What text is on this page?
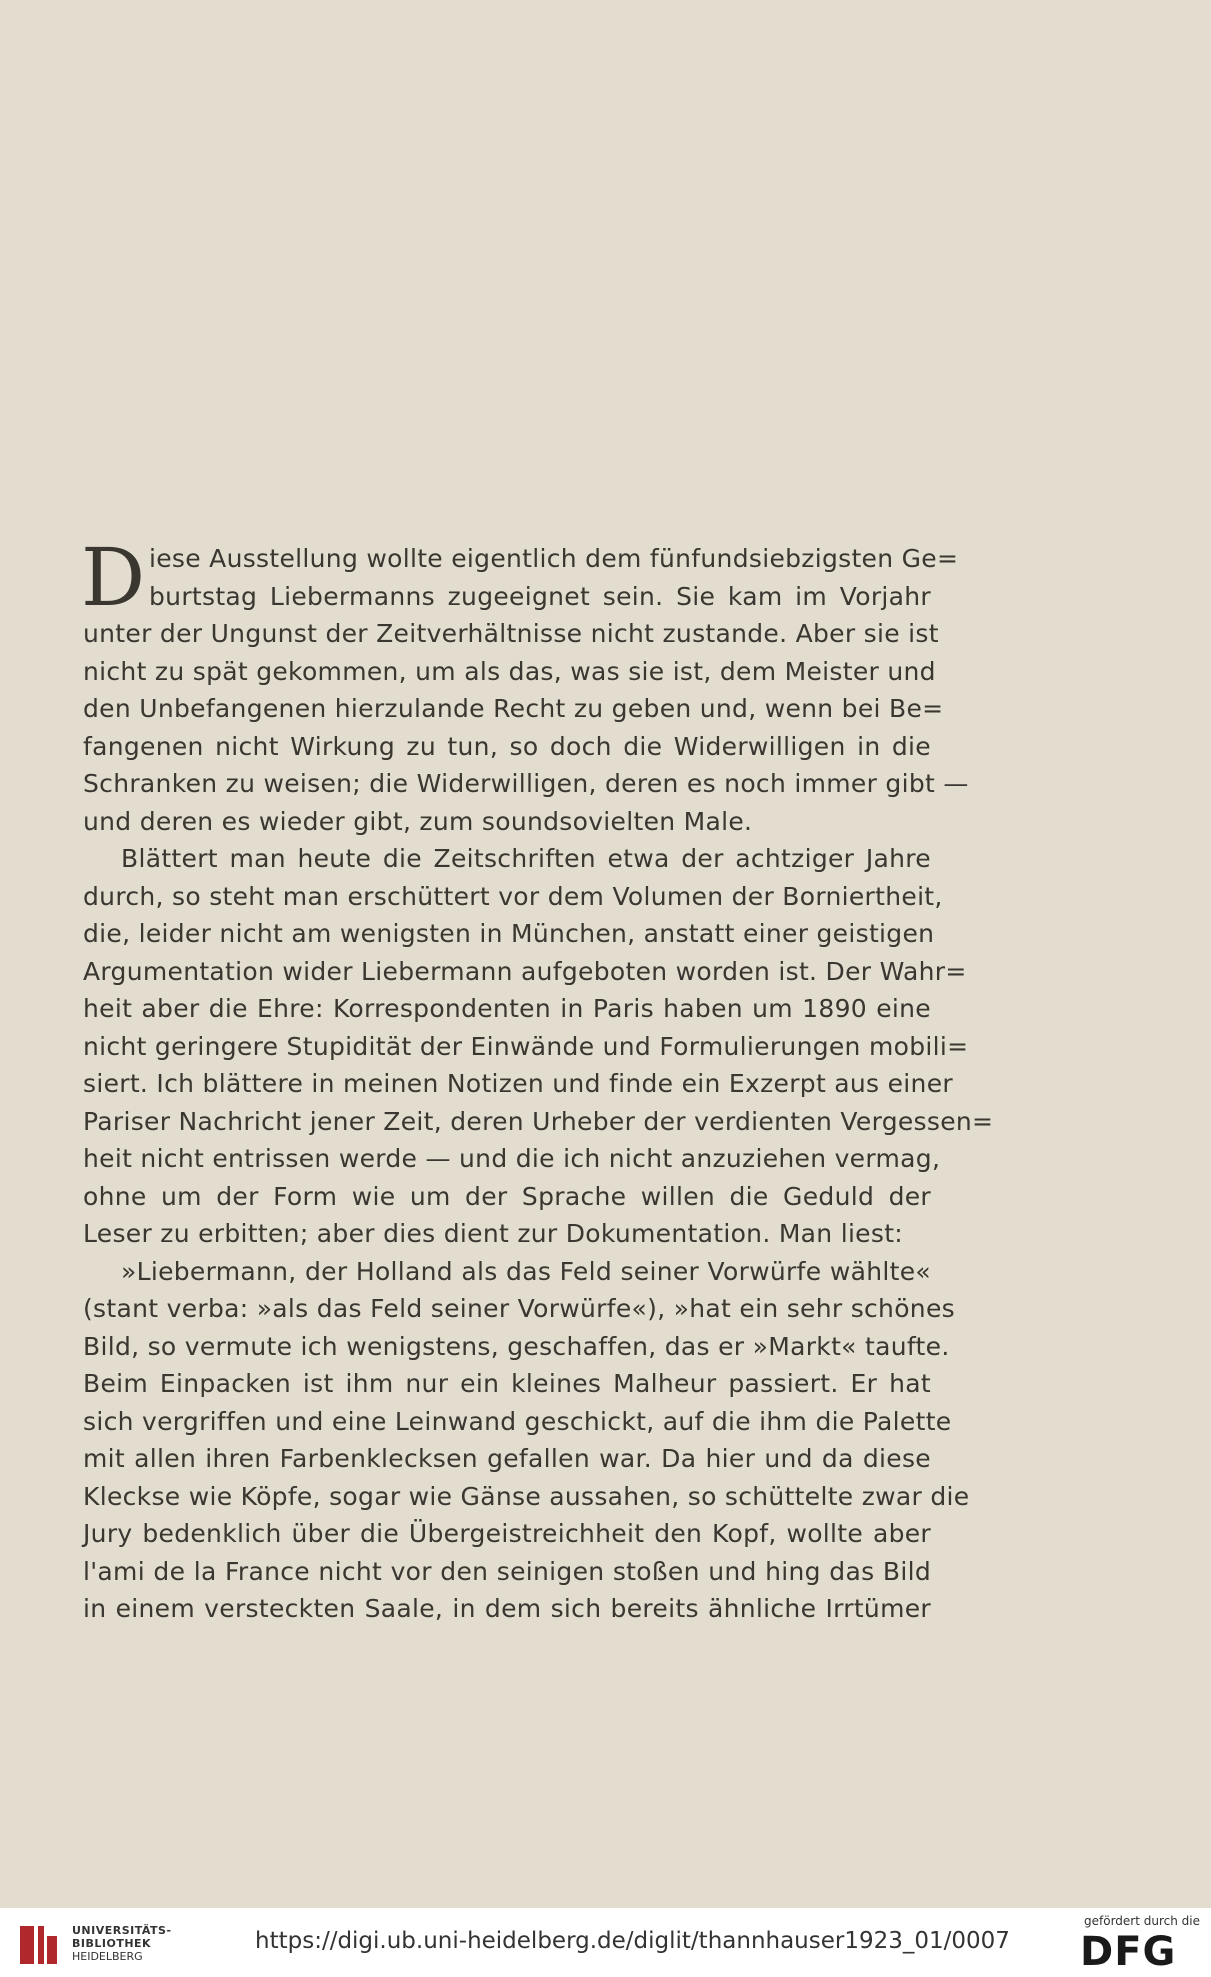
D iese Ausstellung wollte eigentlich dem fünfundsiebzigsten Ge=
burtstag Liebermanns zugeeignet sein. Sie kam im Vorjahr
unter der Ungunst der Zeitverhältnisse nicht zustande. Aber sie ist
nicht zu spät gekommen, um als das, was sie ist, dem Meister und
den Unbefangenen hierzulande Recht zu geben und, wenn bei Be=
fangenen nicht Wirkung zu tun, so doch die Widerwilligen in die
Schranken zu weisen; die Widerwilligen, deren es noch immer gibt —
und deren es wieder gibt, zum soundsovielten Male.
Blättert man heute die Zeitschriften etwa der achtziger Jahre
durch, so steht man erschüttert vor dem Volumen der Borniertheit,
die, leider nicht am wenigsten in München, anstatt einer geistigen
Argumentation wider Liebermann aufgeboten worden ist. Der Wahr=
heit aber die Ehre: Korrespondenten in Paris haben um 1890 eine
nicht geringere Stupidität der Einwände und Formulierungen mobili=
siert. Ich blättere in meinen Notizen und finde ein Exzerpt aus einer
Pariser Nachricht jener Zeit, deren Urheber der verdienten Vergessen=
heit nicht entrissen werde — und die ich nicht anzuziehen vermag,
ohne um der Form wie um der Sprache willen die Geduld der
Leser zu erbitten; aber dies dient zur Dokumentation. Man liest:
»Liebermann, der Holland als das Feld seiner Vorwürfe wählte«
(stant verba: »als das Feld seiner Vorwürfe«), »hat ein sehr schönes
Bild, so vermute ich wenigstens, geschaffen, das er »Markt« taufte.
Beim Einpacken ist ihm nur ein kleines Malheur passiert. Er hat
sich vergriffen und eine Leinwand geschickt, auf die ihm die Palette
mit allen ihren Farbenklecksen gefallen war. Da hier und da diese
Kleckse wie Köpfe, sogar wie Gänse aussahen, so schüttelte zwar die
Jury bedenklich über die Übergeistreichheit den Kopf, wollte aber
l'ami de la France nicht vor den seinigen stoßen und hing das Bild
in einem versteckten Saale, in dem sich bereits ähnliche Irrtümer
UNIVERSITÄTS-
BIBLIOTHEK
HEIDELBERG
https://digi.ub.uni-heidelberg.de/diglit/thannhauser1923_01/0007
gefördert durch die
DFG
